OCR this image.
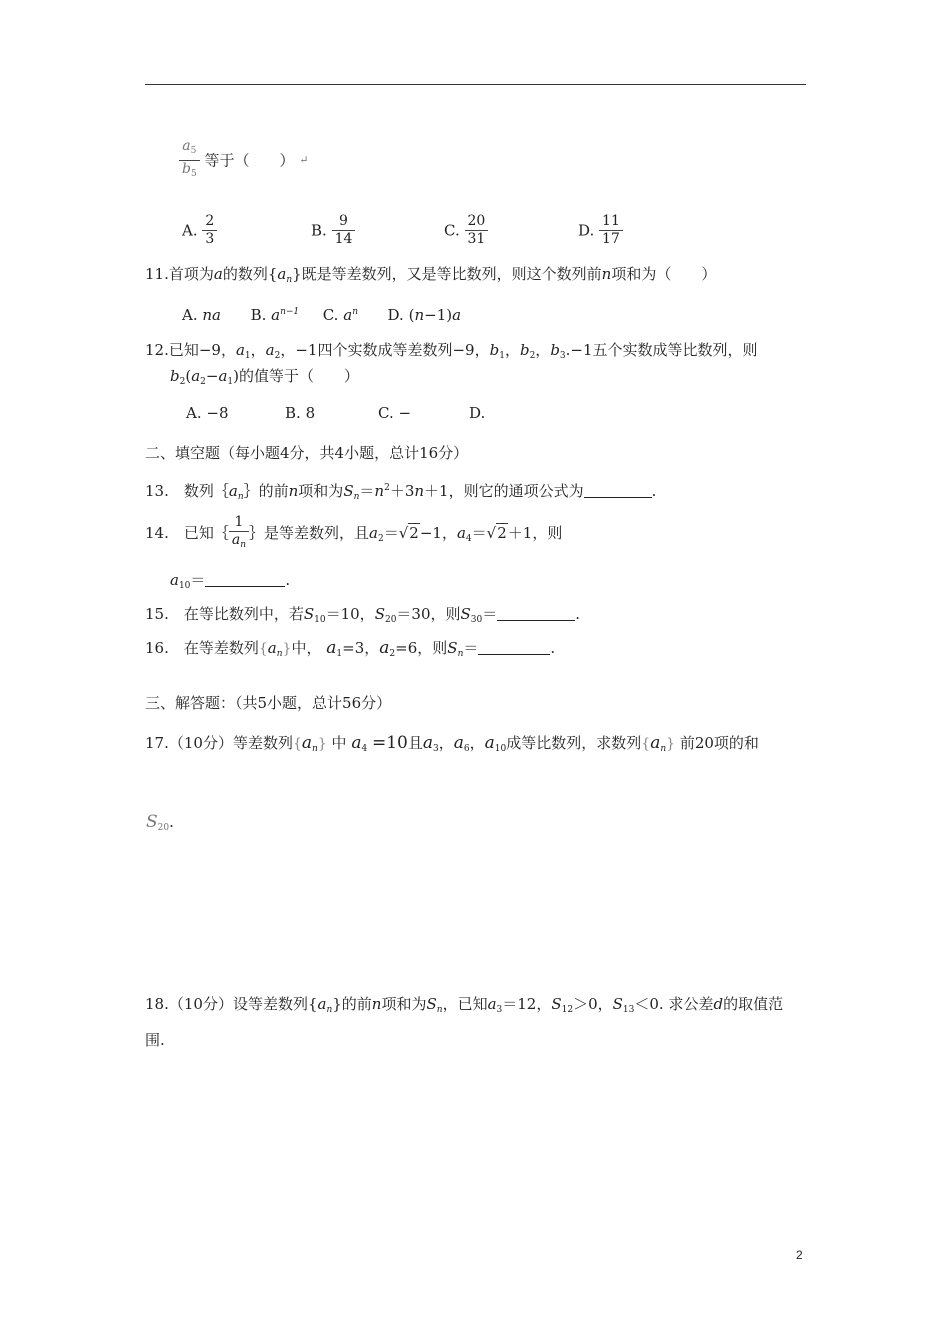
$\frac{a_5}{b_5}$ 等于（　　） ↵
A. $\frac{2}{3}$	B. $\frac{9}{14}$	C. $\frac{20}{31}$	D. $\frac{11}{17}$
11.首项为a的数列$\{a_n\}$既是等差数列，又是等比数列，则这个数列前n项和为（　　）
A. na B. $a^{n-1}$ C. $a^n$ D. (n−1)a
12.已知−9，$a_1$，$a_2$，−1四个实数成等差数列−9，$b_1$，$b_2$，$b_3.-1$五个实数成等比数列，则
$b_2(a_2-a_1)$的值等于（　　）
A. −8	B. 8	C. −	D.
二、填空题（每小题4分，共4小题，总计16分）
13.　数列$\{a_n\}$的前n项和为$S_n=n^2+3n+1$，则它的通项公式为	.
14.　已知｛ $\frac{1}{a_n}$ ｝是等差数列，且$a_2=√2-1$，$a_4=√2+1$，则
$a_{10}=$	.
15.　在等比数列中，若$S_{10}=10$，$S_{20}=30$，则$S_{30}=$	.
16.　在等差数列$\{a_n\}$中， $a_1=3$，$a_2=6$，则$S_n=$	.
三、解答题：（共5小题，总计56分）
17.（10分）等差数列$\{a_n\}$ 中 $a_4 =10$且$a_3$，$a_6$，$a_{10}$成等比数列，求数列$\{a_n\}$ 前20项的和
$S_{20}$.
18.（10分）设等差数列$\{a_n\}$的前n项和为$S_n$，已知$a_3=12$，$S_{12}>0$，$S_{13}<0$. 求公差d的取值范
围.
2
